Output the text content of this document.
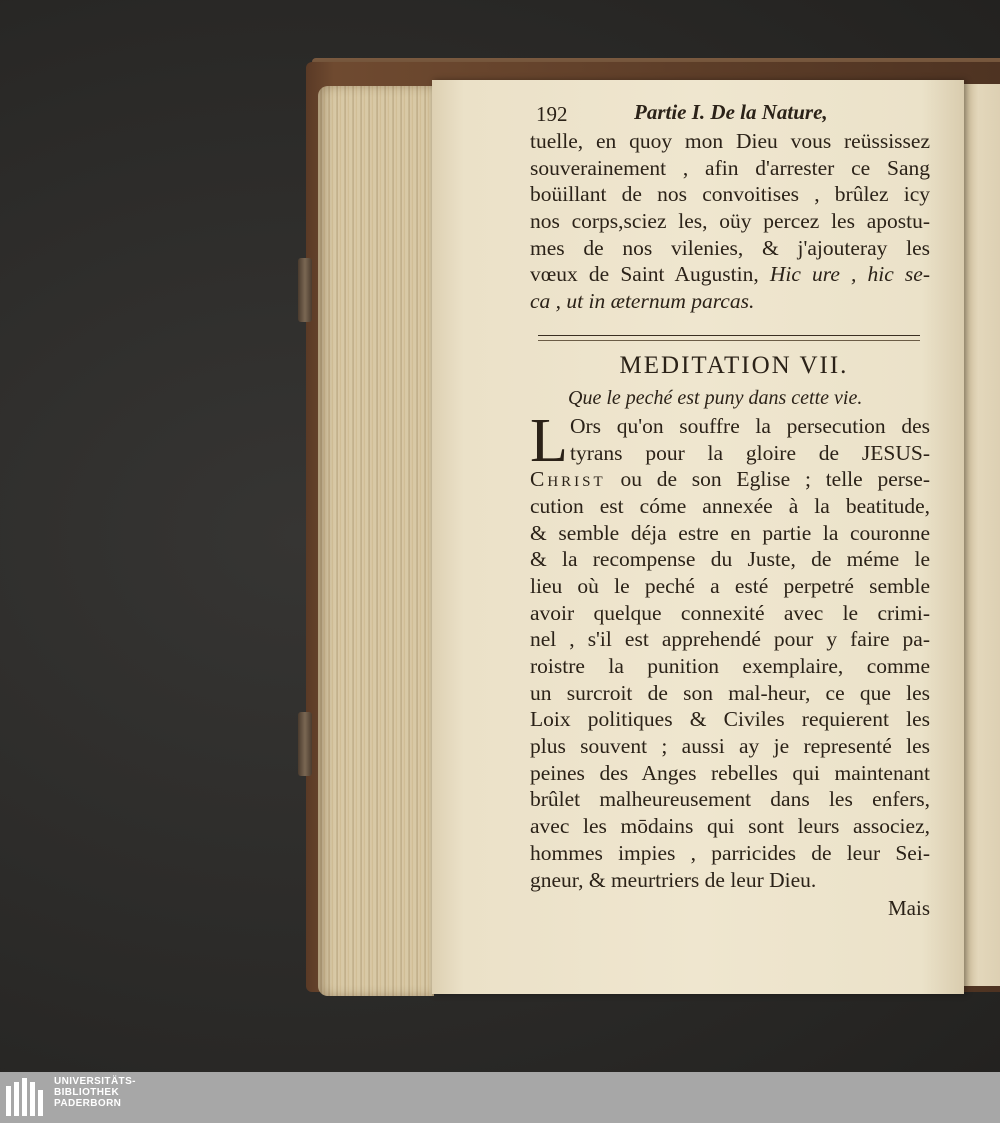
192	Partie I. De la Nature,
tuelle, en quoy mon Dieu vous reüssissez
souverainement , afin d'arrester ce Sang
boüillant de nos convoitises , brûlez icy
nos corps,sciez les, oüy percez les apostu-
mes de nos vilenies, & j'ajouteray les
vœux de Saint Augustin, Hic ure , hic se-
ca , ut in æternum parcas.
MEDITATION VII.
Que le peché est puny dans cette vie.
L Ors qu'on souffre la persecution des
tyrans pour la gloire de JESUS-
Christ ou de son Eglise ; telle perse-
cution est cóme annexée à la beatitude,
& semble déja estre en partie la couronne
& la recompense du Juste, de méme le
lieu où le peché a esté perpetré semble
avoir quelque connexité avec le crimi-
nel , s'il est apprehendé pour y faire pa-
roistre la punition exemplaire, comme
un surcroit de son mal-heur, ce que les
Loix politiques & Civiles requierent les
plus souvent ; aussi ay je representé les
peines des Anges rebelles qui maintenant
brûlet malheureusement dans les enfers,
avec les mōdains qui sont leurs associez,
hommes impies , parricides de leur Sei-
gneur, & meurtriers de leur Dieu.
Mais
UNIVERSITÄTS-
BIBLIOTHEK
PADERBORN
